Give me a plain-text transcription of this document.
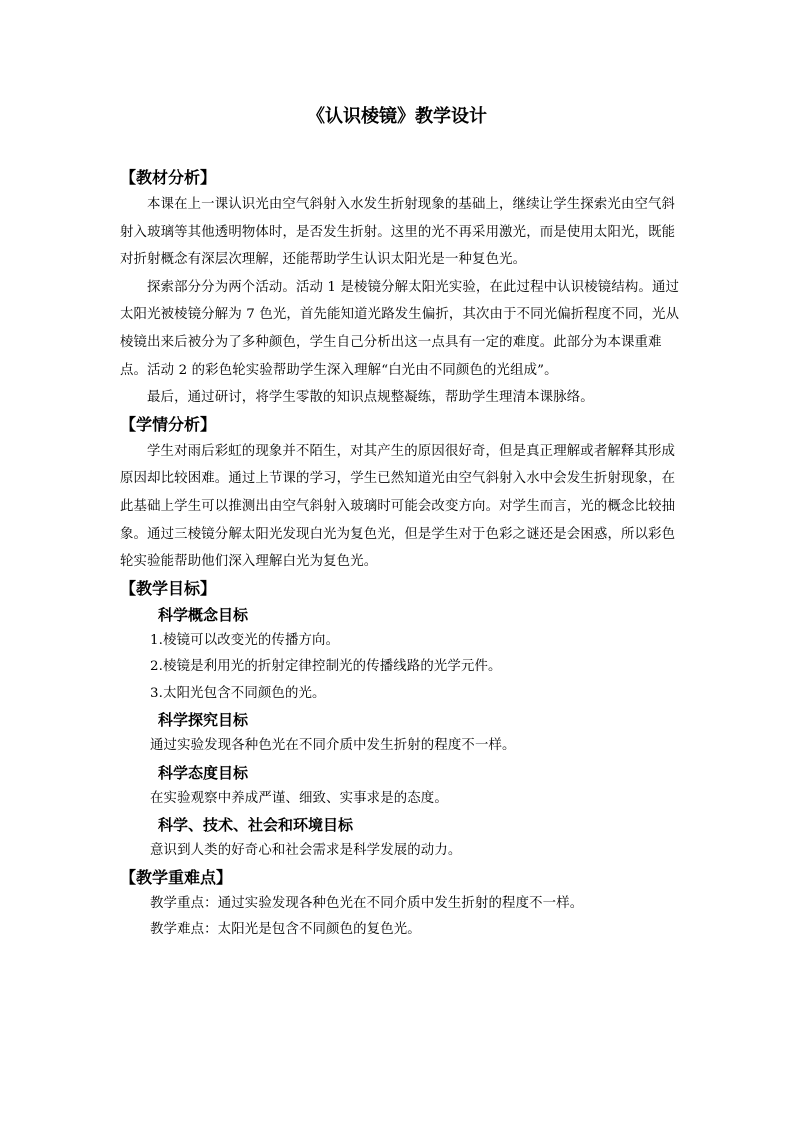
《认识棱镜》教学设计
【教材分析】

本课在上一课认识光由空气斜射入水发生折射现象的基础上，继续让学生探索光由空气斜射入玻璃等其他透明物体时，是否发生折射。这里的光不再采用激光，而是使用太阳光，既能对折射概念有深层次理解，还能帮助学生认识太阳光是一种复色光。

探索部分分为两个活动。活动 1 是棱镜分解太阳光实验，在此过程中认识棱镜结构。通过太阳光被棱镜分解为 7 色光，首先能知道光路发生偏折，其次由于不同光偏折程度不同，光从棱镜出来后被分为了多种颜色，学生自己分析出这一点具有一定的难度。此部分为本课重难点。活动 2 的彩色轮实验帮助学生深入理解“白光由不同颜色的光组成”。

最后，通过研讨，将学生零散的知识点规整凝练，帮助学生理清本课脉络。

【学情分析】

学生对雨后彩虹的现象并不陌生，对其产生的原因很好奇，但是真正理解或者解释其形成原因却比较困难。通过上节课的学习，学生已然知道光由空气斜射入水中会发生折射现象，在此基础上学生可以推测出由空气斜射入玻璃时可能会改变方向。对学生而言，光的概念比较抽象。通过三棱镜分解太阳光发现白光为复色光，但是学生对于色彩之谜还是会困惑，所以彩色轮实验能帮助他们深入理解白光为复色光。

【教学目标】
科学概念目标
1.棱镜可以改变光的传播方向。
2.棱镜是利用光的折射定律控制光的传播线路的光学元件。
3.太阳光包含不同颜色的光。
科学探究目标
通过实验发现各种色光在不同介质中发生折射的程度不一样。
科学态度目标
在实验观察中养成严谨、细致、实事求是的态度。
科学、技术、社会和环境目标
意识到人类的好奇心和社会需求是科学发展的动力。
【教学重难点】
教学重点：通过实验发现各种色光在不同介质中发生折射的程度不一样。
教学难点：太阳光是包含不同颜色的复色光。
